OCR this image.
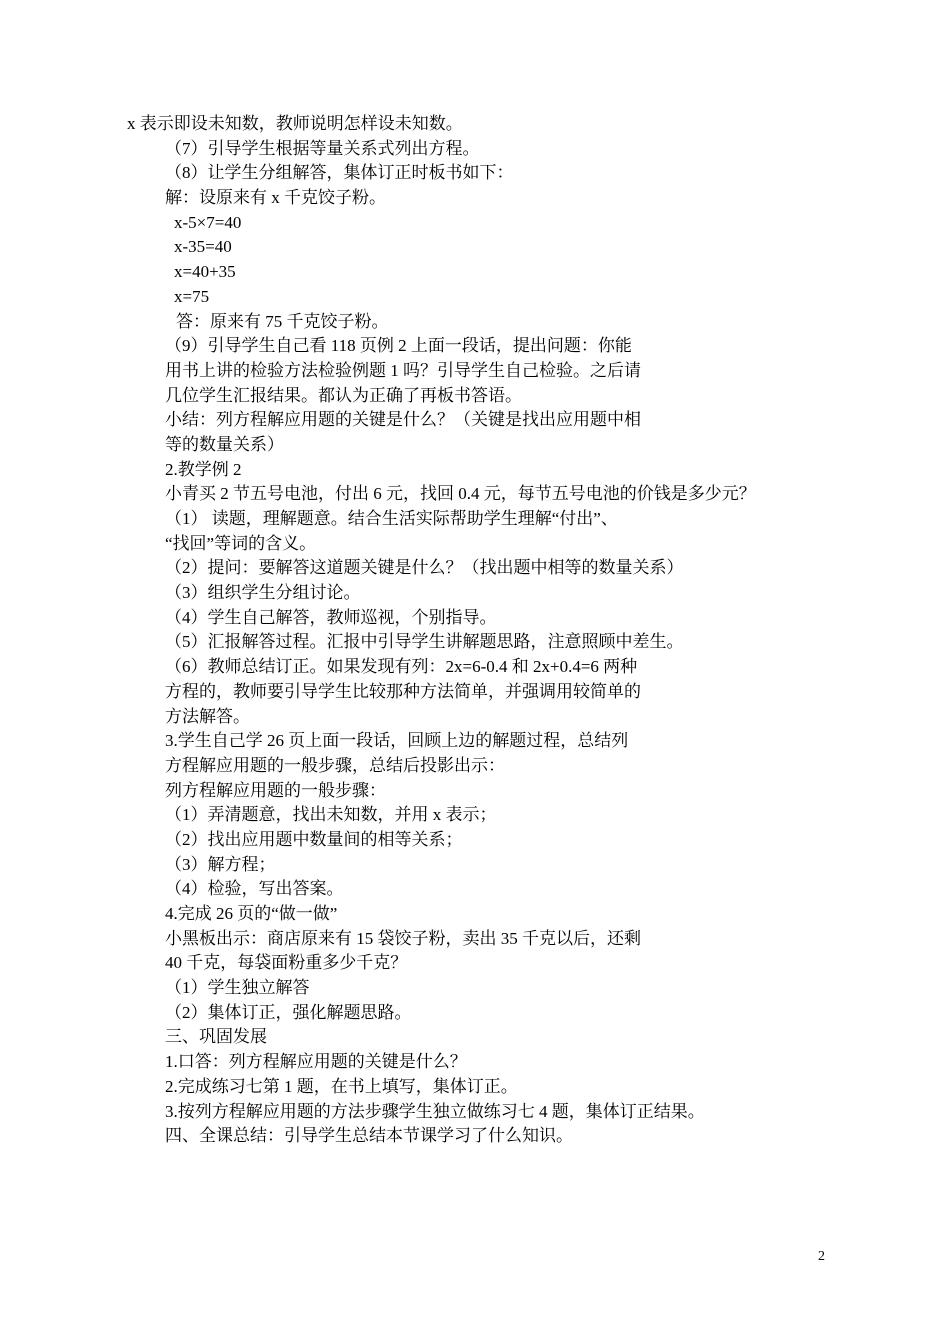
x 表示即设未知数，教师说明怎样设未知数。
（7）引导学生根据等量关系式列出方程。
（8）让学生分组解答，集体订正时板书如下：
解：设原来有 x 千克饺子粉。
x-5×7=40
x-35=40
x=40+35
x=75
答：原来有 75 千克饺子粉。
（9）引导学生自己看 118 页例 2 上面一段话，提出问题：你能
用书上讲的检验方法检验例题 1 吗？引导学生自己检验。之后请
几位学生汇报结果。都认为正确了再板书答语。
小结：列方程解应用题的关键是什么？（关键是找出应用题中相
等的数量关系）
2.教学例 2
小青买 2 节五号电池，付出 6 元，找回 0.4 元，每节五号电池的价钱是多少元？
（1） 读题，理解题意。结合生活实际帮助学生理解“付出”、
“找回”等词的含义。
（2）提问：要解答这道题关键是什么？（找出题中相等的数量关系）
（3）组织学生分组讨论。
（4）学生自己解答，教师巡视，个别指导。
（5）汇报解答过程。汇报中引导学生讲解题思路，注意照顾中差生。
（6）教师总结订正。如果发现有列：2x=6-0.4 和 2x+0.4=6 两种
方程的，教师要引导学生比较那种方法简单，并强调用较简单的
方法解答。
3.学生自己学 26 页上面一段话，回顾上边的解题过程，总结列
方程解应用题的一般步骤，总结后投影出示：
列方程解应用题的一般步骤：
（1）弄清题意，找出未知数，并用 x 表示；
（2）找出应用题中数量间的相等关系；
（3）解方程；
（4）检验，写出答案。
4.完成 26 页的“做一做”
小黑板出示：商店原来有 15 袋饺子粉，卖出 35 千克以后，还剩
40 千克，每袋面粉重多少千克？
（1）学生独立解答
（2）集体订正，强化解题思路。
三、巩固发展
1.口答：列方程解应用题的关键是什么？
2.完成练习七第 1 题，在书上填写，集体订正。
3.按列方程解应用题的方法步骤学生独立做练习七 4 题，集体订正结果。
四、全课总结：引导学生总结本节课学习了什么知识。
2
